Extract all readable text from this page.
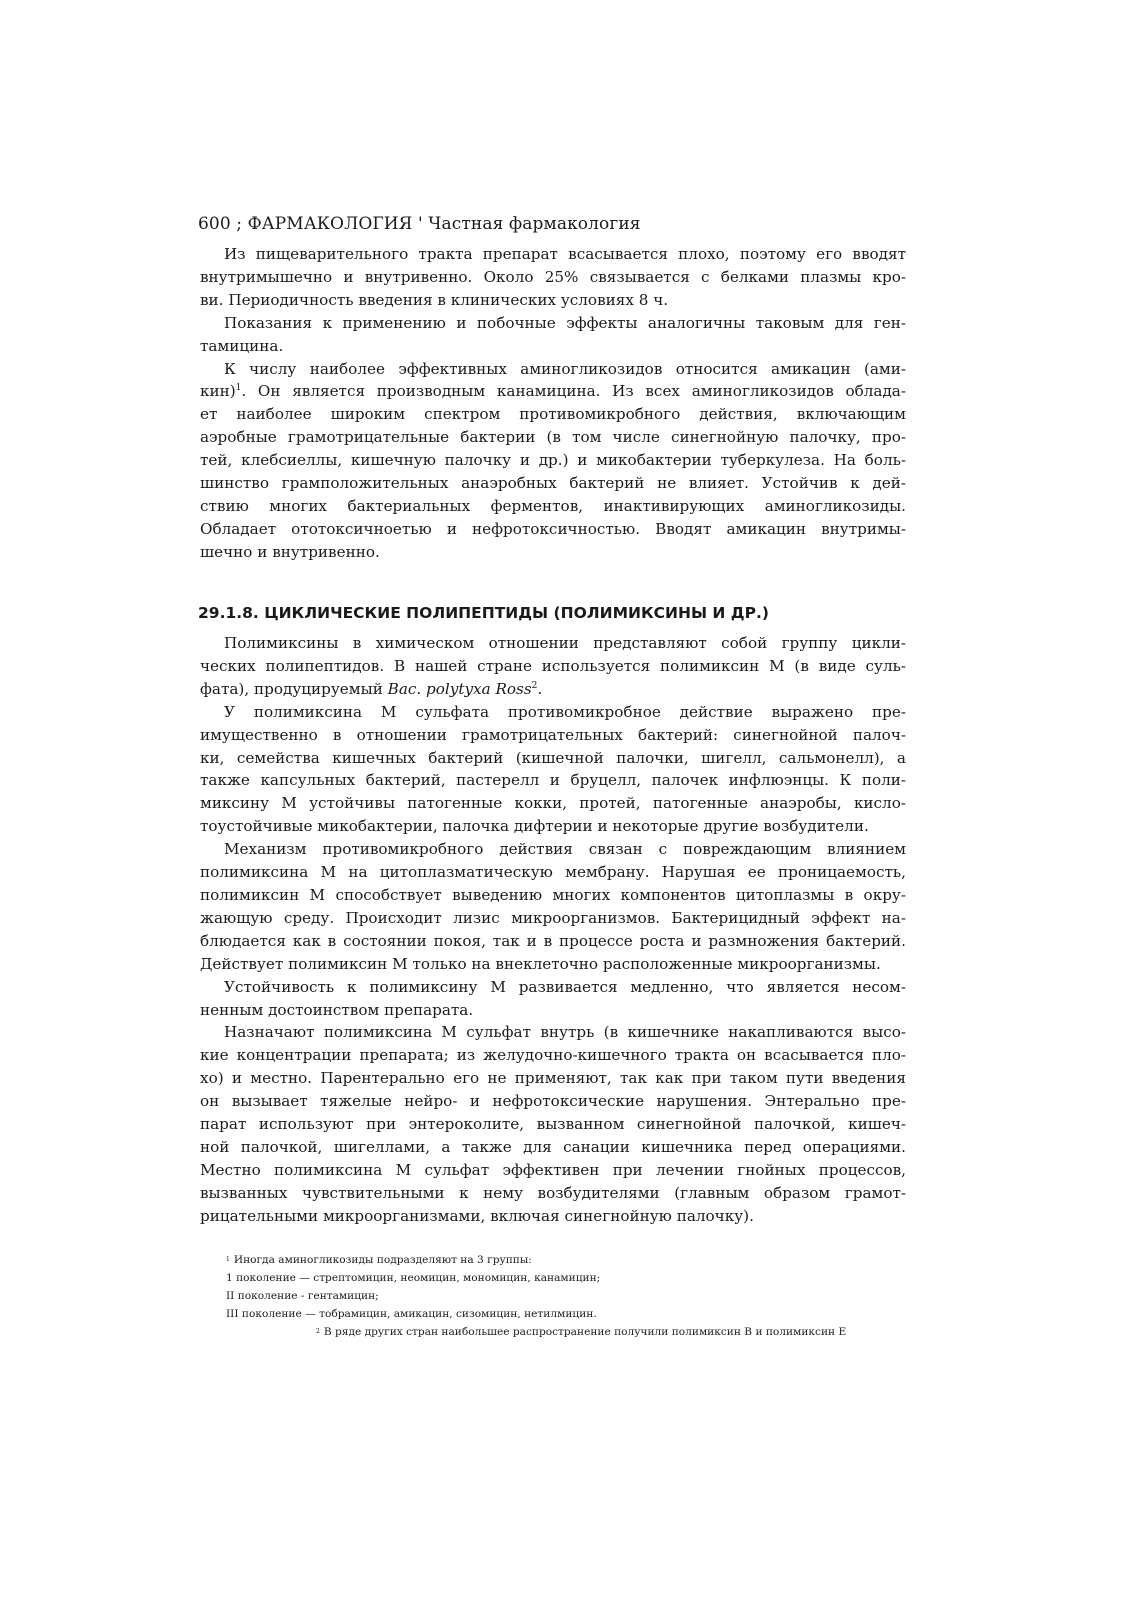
600 ; ФАРМАКОЛОГИЯ ' Частная фармакология
Из пищеварительного тракта препарат всасывается плохо, поэтому его вводят
внутримышечно и внутривенно. Около 25% связывается с белками плазмы кро-
ви. Периодичность введения в клинических условиях 8 ч.
Показания к применению и побочные эффекты аналогичны таковым для ген-
тамицина.
К числу наиболее эффективных аминогликозидов относится амикацин (ами-
кин)$^1$. Он является производным канамицина. Из всех аминогликозидов облада-
ет наиболее широким спектром противомикробного действия, включающим
аэробные грамотрицательные бактерии (в том числе синегнойную палочку, про-
тей, клебсиеллы, кишечную палочку и др.) и микобактерии туберкулеза. На боль-
шинство грамположительных анаэробных бактерий не влияет. Устойчив к дей-
ствию многих бактериальных ферментов, инактивирующих аминогликозиды.
Обладает ототоксичноетью и нефротоксичностью. Вводят амикацин внутримы-
шечно и внутривенно.
29.1.8. ЦИКЛИЧЕСКИЕ ПОЛИПЕПТИДЫ (ПОЛИМИКСИНЫ И ДР.)
Полимиксины в химическом отношении представляют собой группу цикли-
ческих полипептидов. В нашей стране используется полимиксин М (в виде суль-
фата), продуцируемый Вас. polytyxa Ross$^2$.
У полимиксина М сульфата противомикробное действие выражено пре-
имущественно в отношении грамотрицательных бактерий: синегнойной палоч-
ки, семейства кишечных бактерий (кишечной палочки, шигелл, сальмонелл), а
также капсульных бактерий, пастерелл и бруцелл, палочек инфлюэнцы. К поли-
миксину М устойчивы патогенные кокки, протей, патогенные анаэробы, кисло-
тоустойчивые микобактерии, палочка дифтерии и некоторые другие возбудители.
Механизм противомикробного действия связан с повреждающим влиянием
полимиксина М на цитоплазматическую мембрану. Нарушая ее проницаемость,
полимиксин М способствует выведению многих компонентов цитоплазмы в окру-
жающую среду. Происходит лизис микроорганизмов. Бактерицидный эффект на-
блюдается как в состоянии покоя, так и в процессе роста и размножения бактерий.
Действует полимиксин М только на внеклеточно расположенные микроорганизмы.
Устойчивость к полимиксину М развивается медленно, что является несом-
ненным достоинством препарата.
Назначают полимиксина М сульфат внутрь (в кишечнике накапливаются высо-
кие концентрации препарата; из желудочно-кишечного тракта он всасывается пло-
хо) и местно. Парентерально его не применяют, так как при таком пути введения
он вызывает тяжелые нейро- и нефротоксические нарушения. Энтерально пре-
парат используют при энтероколите, вызванном синегнойной палочкой, кишеч-
ной палочкой, шигеллами, а также для санации кишечника перед операциями.
Местно полимиксина М сульфат эффективен при лечении гнойных процессов,
вызванных чувствительными к нему возбудителями (главным образом грамот-
рицательными микроорганизмами, включая синегнойную палочку).
1 Иногда аминогликозиды подразделяют на 3 группы:
1 поколение — стрептомицин, неомицин, мономицин, канамицин;
II поколение - гентамицин;
III поколение — тобрамицин, амикацин, сизомицин, нетилмицин.
2 В ряде других стран наибольшее распространение получили полимиксин В и полимиксин Е
